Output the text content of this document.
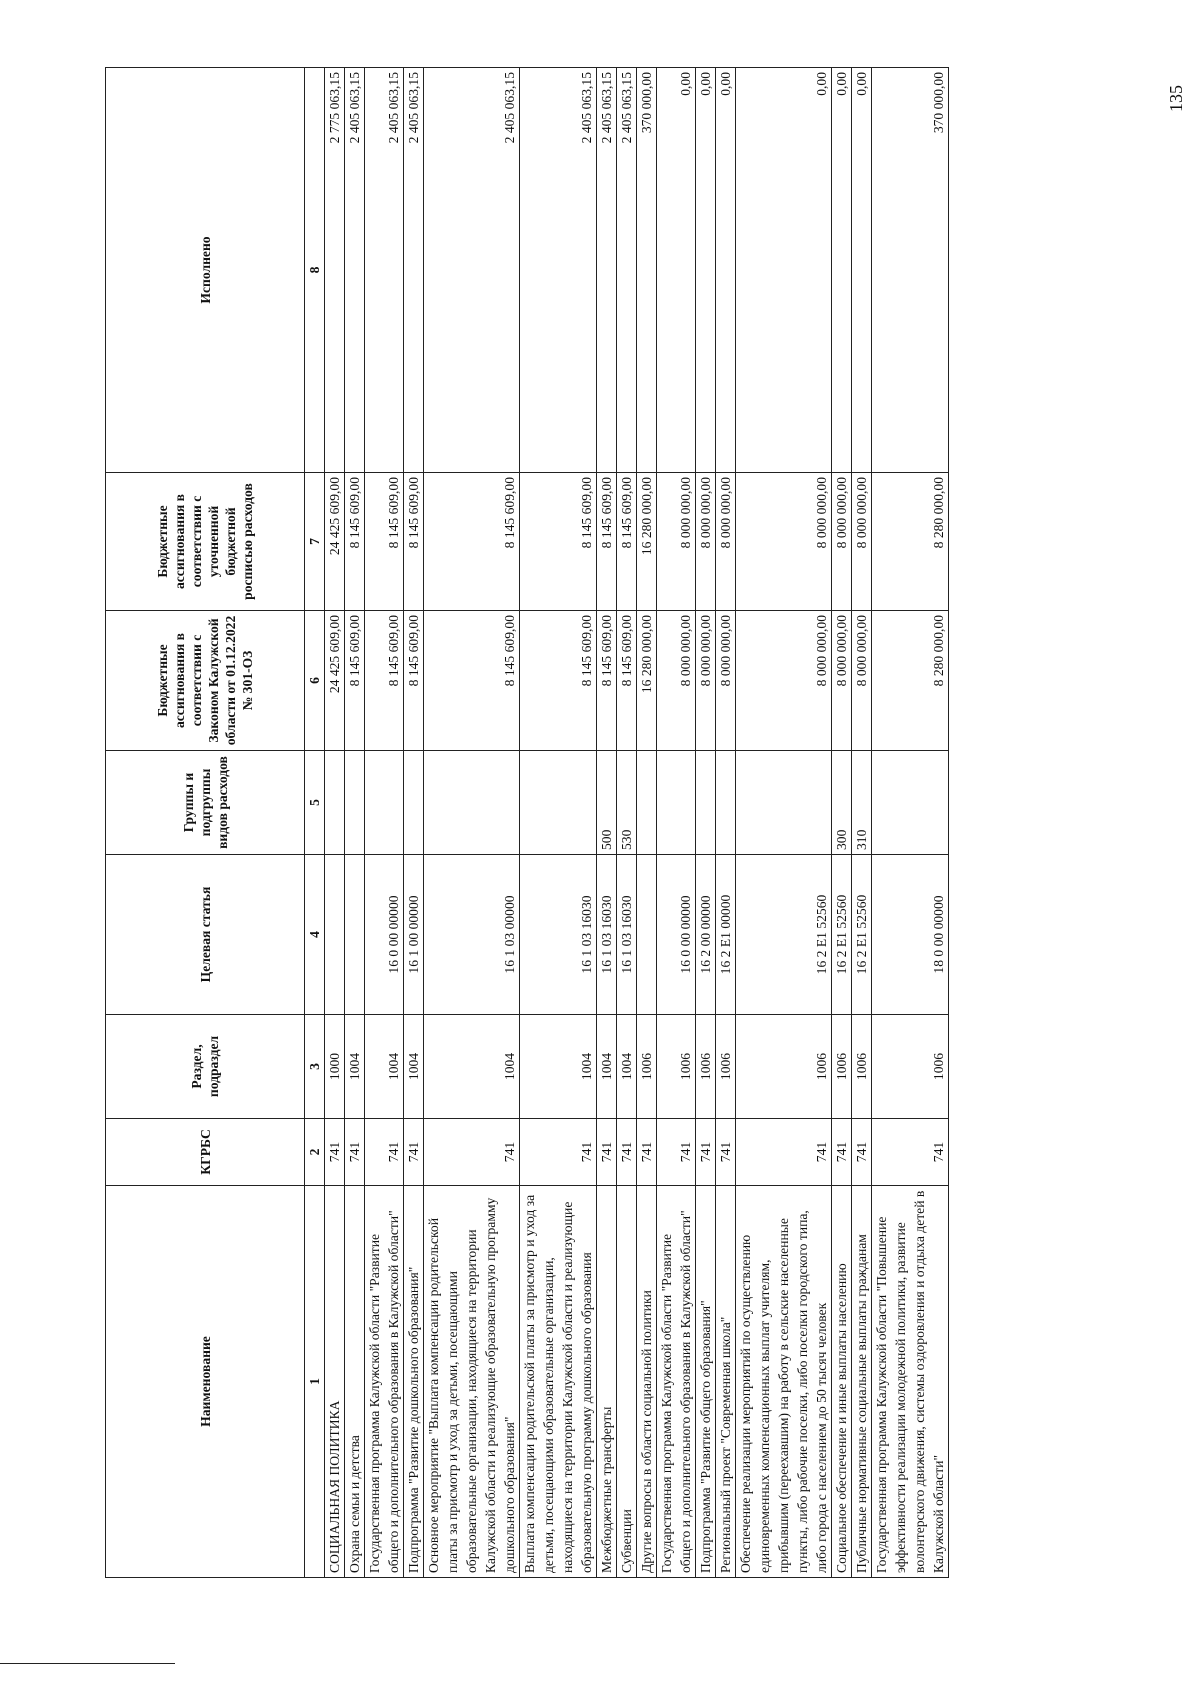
Наименование	КГРБС	Раздел, подраздел	Целевая статья	Группы и подгруппы видов расходов	Бюджетные ассигнования в соответствии с Законом Калужской области от 01.12.2022 № 301-ОЗ	Бюджетные ассигнования в соответствии с уточненной бюджетной росписью расходов	Исполнено
1	2	3	4	5	6	7	8
СОЦИАЛЬНАЯ ПОЛИТИКА	741	1000			24 425 609,00	24 425 609,00	2 775 063,15
Охрана семьи и детства	741	1004			8 145 609,00	8 145 609,00	2 405 063,15
Государственная программа Калужской области "Развитие общего и дополнительного образования в Калужской области"	741	1004	16 0 00 00000		8 145 609,00	8 145 609,00	2 405 063,15
Подпрограмма "Развитие дошкольного образования"	741	1004	16 1 00 00000		8 145 609,00	8 145 609,00	2 405 063,15
Основное мероприятие "Выплата компенсации родительской платы за присмотр и уход за детьми, посещающими образовательные организации, находящиеся на территории Калужской области и реализующие образовательную программу дошкольного образования"	741	1004	16 1 03 00000		8 145 609,00	8 145 609,00	2 405 063,15
Выплата компенсации родительской платы за присмотр и уход за детьми, посещающими образовательные организации, находящиеся на территории Калужской области и реализующие образовательную программу дошкольного образования	741	1004	16 1 03 16030		8 145 609,00	8 145 609,00	2 405 063,15
Межбюджетные трансферты	741	1004	16 1 03 16030	500	8 145 609,00	8 145 609,00	2 405 063,15
Субвенции	741	1004	16 1 03 16030	530	8 145 609,00	8 145 609,00	2 405 063,15
Другие вопросы в области социальной политики	741	1006			16 280 000,00	16 280 000,00	370 000,00
Государственная программа Калужской области "Развитие общего и дополнительного образования в Калужской области"	741	1006	16 0 00 00000		8 000 000,00	8 000 000,00	0,00
Подпрограмма "Развитие общего образования"	741	1006	16 2 00 00000		8 000 000,00	8 000 000,00	0,00
Региональный проект "Современная школа"	741	1006	16 2 E1 00000		8 000 000,00	8 000 000,00	0,00
Обеспечение реализации мероприятий по осуществлению единовременных компенсационных выплат учителям, прибывшим (переехавшим) на работу в сельские населенные пункты, либо рабочие поселки, либо поселки городского типа, либо города с населением до 50 тысяч человек	741	1006	16 2 E1 52560		8 000 000,00	8 000 000,00	0,00
Социальное обеспечение и иные выплаты населению	741	1006	16 2 E1 52560	300	8 000 000,00	8 000 000,00	0,00
Публичные нормативные социальные выплаты гражданам	741	1006	16 2 E1 52560	310	8 000 000,00	8 000 000,00	0,00
Государственная программа Калужской области "Повышение эффективности реализации молодежной политики, развитие волонтерского движения, системы оздоровления и отдыха детей в Калужской области"	741	1006	18 0 00 00000		8 280 000,00	8 280 000,00	370 000,00	135
